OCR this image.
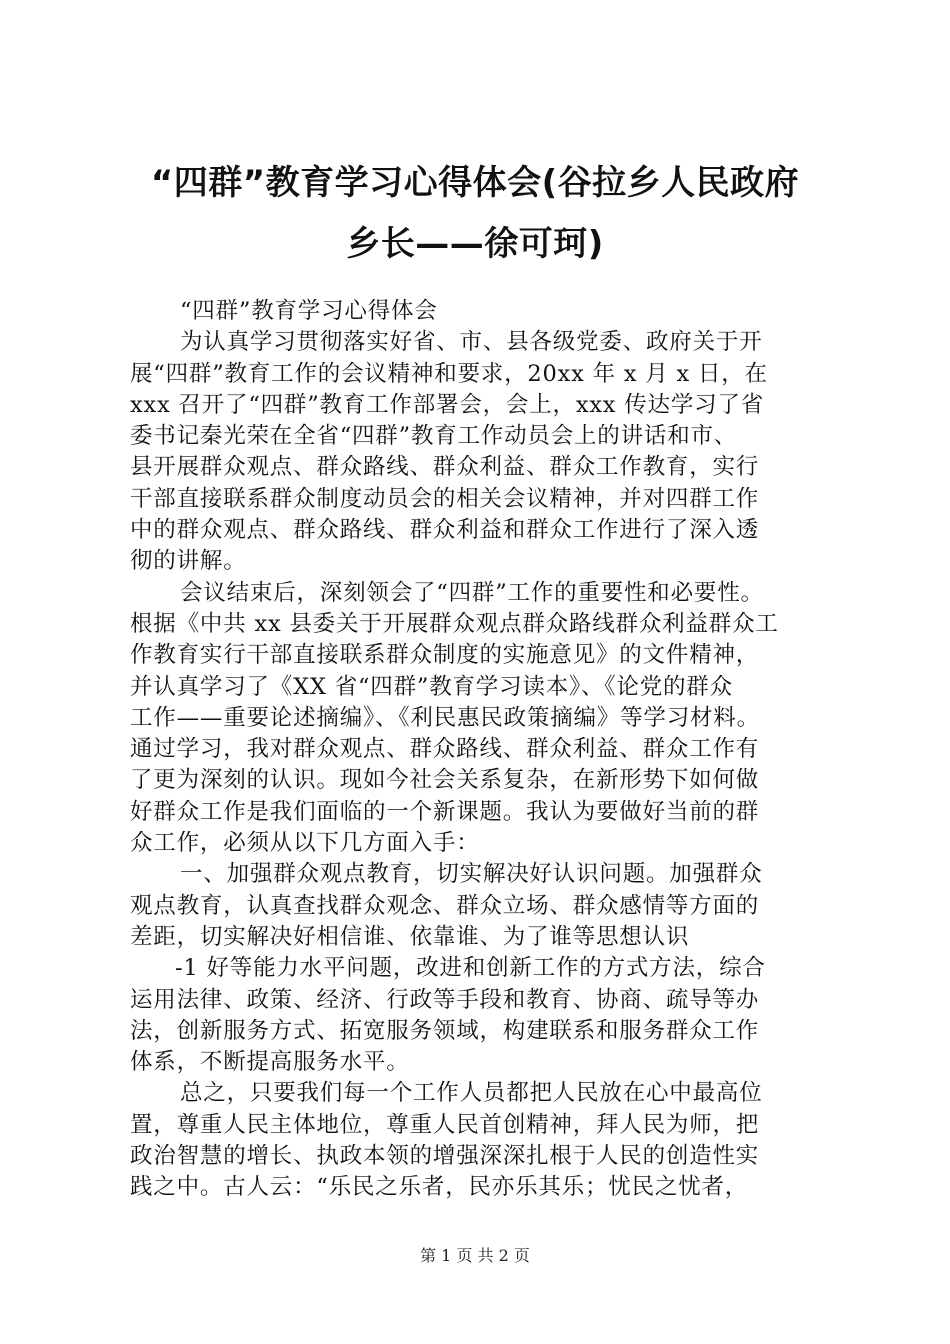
“四群”教育学习心得体会(谷拉乡人民政府
乡长——徐可珂)
“四群”教育学习心得体会
为认真学习贯彻落实好省、市、县各级党委、政府关于开
展“四群”教育工作的会议精神和要求，20xx 年 x 月 x 日，在
xxx 召开了“四群”教育工作部署会，会上，xxx 传达学习了省
委书记秦光荣在全省“四群”教育工作动员会上的讲话和市、
县开展群众观点、群众路线、群众利益、群众工作教育，实行
干部直接联系群众制度动员会的相关会议精神，并对四群工作
中的群众观点、群众路线、群众利益和群众工作进行了深入透
彻的讲解。
会议结束后，深刻领会了“四群”工作的重要性和必要性。
根据《中共 xx 县委关于开展群众观点群众路线群众利益群众工
作教育实行干部直接联系群众制度的实施意见》的文件精神，
并认真学习了《XX 省“四群”教育学习读本》、《论党的群众
工作——重要论述摘编》、《利民惠民政策摘编》等学习材料。
通过学习，我对群众观点、群众路线、群众利益、群众工作有
了更为深刻的认识。现如今社会关系复杂，在新形势下如何做
好群众工作是我们面临的一个新课题。我认为要做好当前的群
众工作，必须从以下几方面入手：
一、加强群众观点教育，切实解决好认识问题。加强群众
观点教育，认真查找群众观念、群众立场、群众感情等方面的
差距，切实解决好相信谁、依靠谁、为了谁等思想认识
-1 好等能力水平问题，改进和创新工作的方式方法，综合
运用法律、政策、经济、行政等手段和教育、协商、疏导等办
法，创新服务方式、拓宽服务领域，构建联系和服务群众工作
体系，不断提高服务水平。
总之，只要我们每一个工作人员都把人民放在心中最高位
置，尊重人民主体地位，尊重人民首创精神，拜人民为师，把
政治智慧的增长、执政本领的增强深深扎根于人民的创造性实
践之中。古人云：“乐民之乐者，民亦乐其乐；忧民之忧者，
第 1 页 共 2 页
